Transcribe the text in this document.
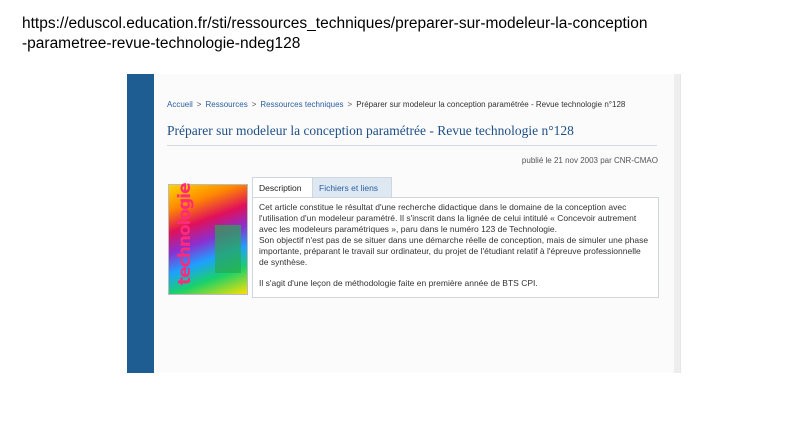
https://eduscol.education.fr/sti/ressources_techniques/preparer-sur-modeleur-la-conception
-parametree-revue-technologie-ndeg128
Accueil > Ressources > Ressources techniques > Préparer sur modeleur la conception paramétrée - Revue technologie n°128
Préparer sur modeleur la conception paramétrée - Revue technologie n°128
publié le 21 nov 2003 par CNR-CMAO
technologie	Description	Fichiers et liens
Cet article constitue le résultat d'une recherche didactique dans le domaine de la conception avec l'utilisation d'un modeleur paramétré. Il s'inscrit dans la lignée de celui intitulé « Concevoir autrement avec les modeleurs paramétriques », paru dans le numéro 123 de Technologie.
Son objectif n'est pas de se situer dans une démarche réelle de conception, mais de simuler une phase importante, préparant le travail sur ordinateur, du projet de l'étudiant relatif à l'épreuve professionnelle de synthèse.
Il s'agit d'une leçon de méthodologie faite en première année de BTS CPI.
